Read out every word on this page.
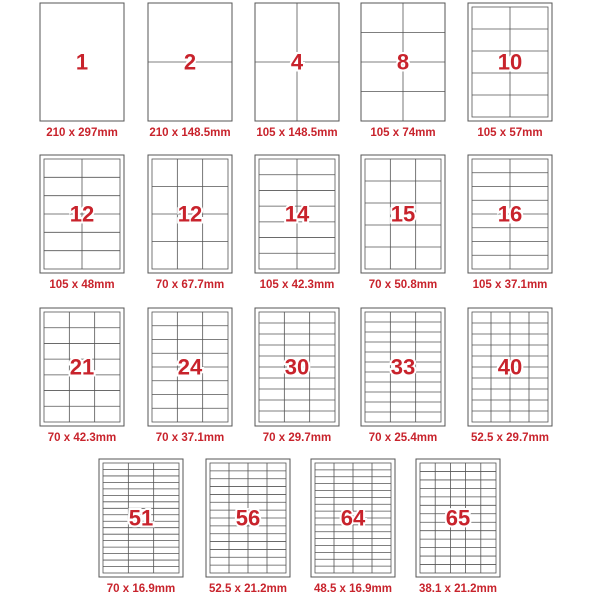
1
210 x 297mm
2
210 x 148.5mm
4
105 x 148.5mm
8
105 x 74mm
10
105 x 57mm
12
105 x 48mm
12
70 x 67.7mm
14
105 x 42.3mm
15
70 x 50.8mm
16
105 x 37.1mm
21
70 x 42.3mm
24
70 x 37.1mm
30
70 x 29.7mm
33
70 x 25.4mm
40
52.5 x 29.7mm
51
70 x 16.9mm
56
52.5 x 21.2mm
64
48.5 x 16.9mm
65
38.1 x 21.2mm
